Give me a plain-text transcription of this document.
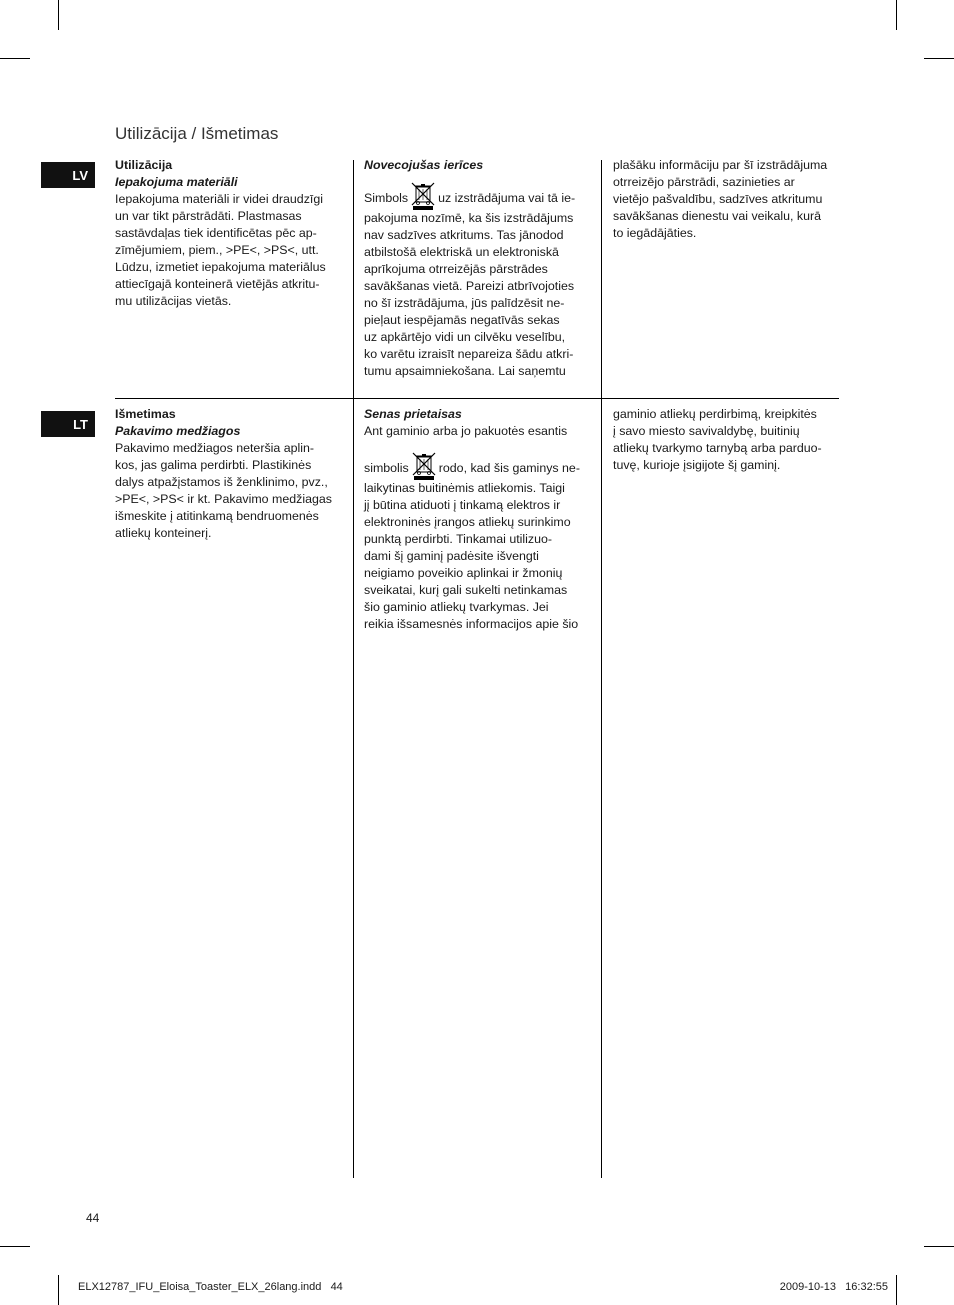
Utilizācija / Išmetimas
LV

Utilizācija

Iepakojuma materiāli

Iepakojuma materiāli ir videi draudzīgi

un var tikt pārstrādāti. Plastmasas

sastāvdaļas tiek identificētas pēc ap-

zīmējumiem, piem., >PE<, >PS<, utt.

Lūdzu, izmetiet iepakojuma materiālus

attiecīgajā konteinerā vietējās atkritu-

mu utilizācijas vietās.

Novecojušas ierīces

Simbols uz izstrādājuma vai tā ie-

pakojuma nozīmē, ka šis izstrādājums

nav sadzīves atkritums. Tas jānodod

atbilstošā elektriskā un elektroniskā

aprīkojuma otrreizējās pārstrādes

savākšanas vietā. Pareizi atbrīvojoties

no šī izstrādājuma, jūs palīdzēsit ne-

pieļaut iespējamās negatīvās sekas

uz apkārtējo vidi un cilvēku veselību,

ko varētu izraisīt nepareiza šādu atkri-

tumu apsaimniekošana. Lai saņemtu

plašāku informāciju par šī izstrādājuma

otrreizējo pārstrādi, sazinieties ar

vietējo pašvaldību, sadzīves atkritumu

savākšanas dienestu vai veikalu, kurā

to iegādājāties.

LT

Išmetimas

Pakavimo medžiagos

Pakavimo medžiagos neteršia aplin-

kos, jas galima perdirbti. Plastikinės

dalys atpažįstamos iš ženklinimo, pvz.,

>PE<, >PS< ir kt. Pakavimo medžiagas

išmeskite į atitinkamą bendruomenės

atliekų konteinerį.

Senas prietaisas

Ant gaminio arba jo pakuotės esantis

simbolis rodo, kad šis gaminys ne-

laikytinas buitinėmis atliekomis. Taigi

jį būtina atiduoti į tinkamą elektros ir

elektroninės įrangos atliekų surinkimo

punktą perdirbti. Tinkamai utilizuo-

dami šį gaminį padėsite išvengti

neigiamo poveikio aplinkai ir žmonių

sveikatai, kurį gali sukelti netinkamas

šio gaminio atliekų tvarkymas. Jei

reikia išsamesnės informacijos apie šio

gaminio atliekų perdirbimą, kreipkitės

į savo miesto savivaldybę, buitinių

atliekų tvarkymo tarnybą arba parduo-

tuvę, kurioje įsigijote šį gaminį.

44
ELX12787_IFU_Eloisa_Toaster_ELX_26lang.indd   44	2009-10-13   16:32:55
